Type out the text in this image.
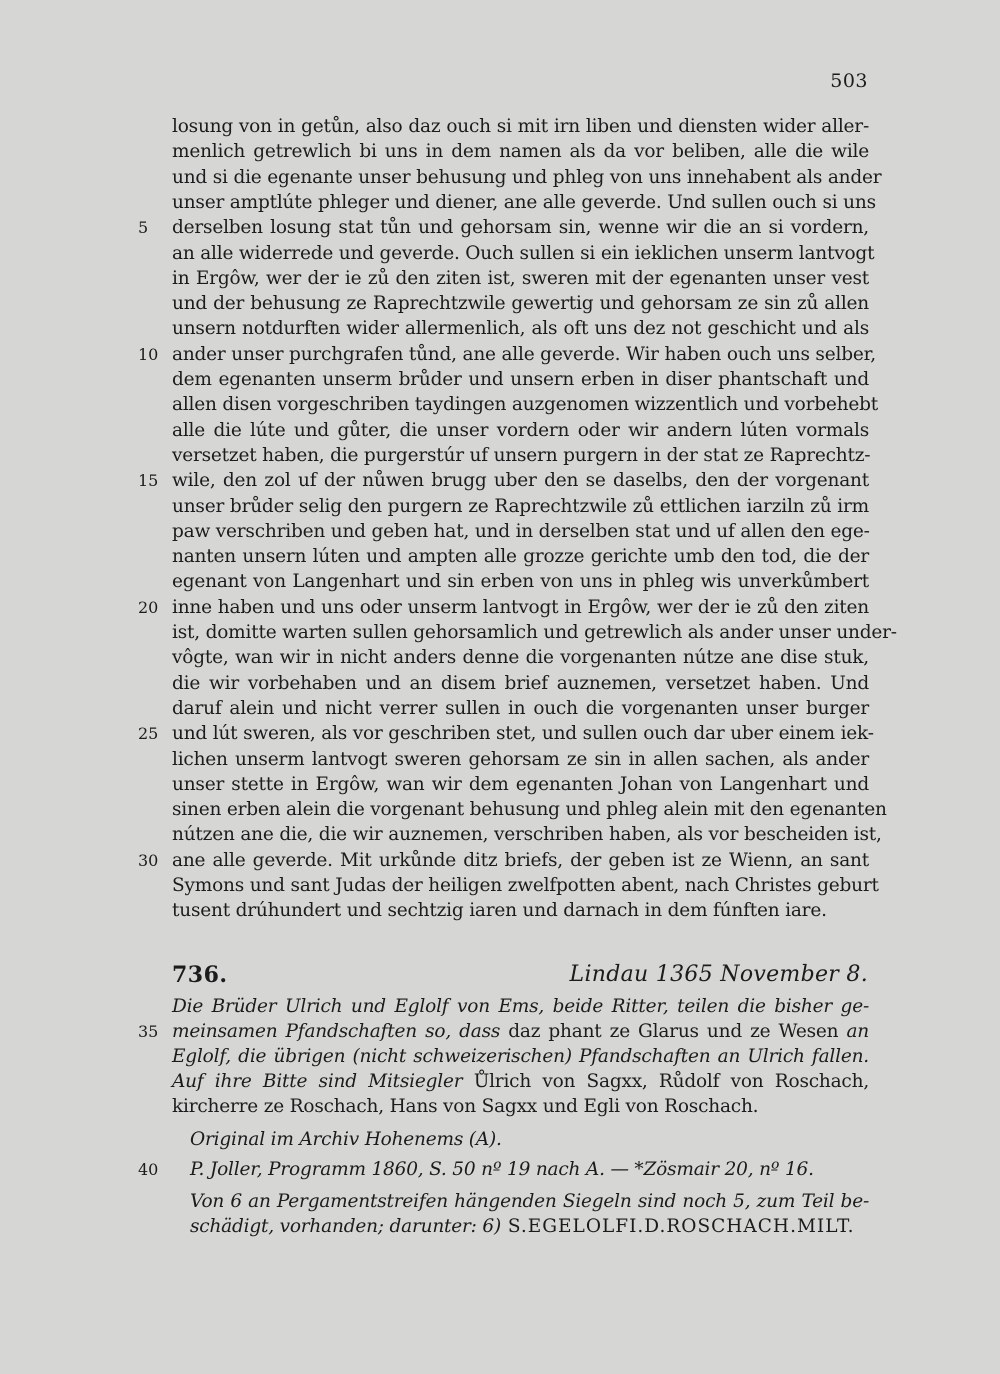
503
losung von in getůn, also daz ouch si mit irn liben und diensten wider aller-
menlich getrewlich bi uns in dem namen als da vor beliben, alle die wile
und si die egenante unser behusung und phleg von uns innehabent als ander
unser amptlúte phleger und diener, ane alle geverde. Und sullen ouch si uns
5	derselben losung stat tůn und gehorsam sin, wenne wir die an si vordern,
an alle widerrede und geverde. Ouch sullen si ein ieklichen unserm lantvogt
in Ergôw, wer der ie zů den ziten ist, sweren mit der egenanten unser vest
und der behusung ze Raprechtzwile gewertig und gehorsam ze sin zů allen
unsern notdurften wider allermenlich, als oft uns dez not geschicht und als
10 ander unser purchgrafen tůnd, ane alle geverde. Wir haben ouch uns selber,
dem egenanten unserm brůder und unsern erben in diser phantschaft und
allen disen vorgeschriben taydingen auzgenomen wizzentlich und vorbehebt
alle die lúte und gůter, die unser vordern oder wir andern lúten vormals
versetzet haben, die purgerstúr uf unsern purgern in der stat ze Raprechtz-
15 wile, den zol uf der nůwen brugg uber den se daselbs, den der vorgenant
unser brůder selig den purgern ze Raprechtzwile zů ettlichen iarziln zů irm
paw verschriben und geben hat, und in derselben stat und uf allen den ege-
nanten unsern lúten und ampten alle grozze gerichte umb den tod, die der
egenant von Langenhart und sin erben von uns in phleg wis unverkůmbert
20 inne haben und uns oder unserm lantvogt in Ergôw, wer der ie zů den ziten
ist, domitte warten sullen gehorsamlich und getrewlich als ander unser under-
vôgte, wan wir in nicht anders denne die vorgenanten nútze ane dise stuk,
die wir vorbehaben und an disem brief auznemen, versetzet haben. Und
daruf alein und nicht verrer sullen in ouch die vorgenanten unser burger
25 und lút sweren, als vor geschriben stet, und sullen ouch dar uber einem iek-
lichen unserm lantvogt sweren gehorsam ze sin in allen sachen, als ander
unser stette in Ergôw, wan wir dem egenanten Johan von Langenhart und
sinen erben alein die vorgenant behusung und phleg alein mit den egenanten
nútzen ane die, die wir auznemen, verschriben haben, als vor bescheiden ist,
30 ane alle geverde. Mit urkůnde ditz briefs, der geben ist ze Wienn, an sant
Symons und sant Judas der heiligen zwelfpotten abent, nach Christes geburt
tusent drúhundert und sechtzig iaren und darnach in dem fúnften iare.
736.	Lindau 1365 November 8.
Die Brüder Ulrich und Eglolf von Ems, beide Ritter, teilen die bisher ge-
35 meinsamen Pfandschaften so, dass daz phant ze Glarus und ze Wesen an
Eglolf, die übrigen (nicht schweizerischen) Pfandschaften an Ulrich fallen.
Auf ihre Bitte sind Mitsiegler Ůlrich von Sagxx, Růdolf von Roschach,
kircherre ze Roschach, Hans von Sagxx und Egli von Roschach.
Original im Archiv Hohenems (A).
40	P. Joller, Programm 1860, S. 50 nº 19 nach A. — *Zösmair 20, nº 16.
Von 6 an Pergamentstreifen hängenden Siegeln sind noch 5, zum Teil be-
schädigt, vorhanden; darunter: 6) S.EGELOLFI.D.ROSCHACH.MILT.
